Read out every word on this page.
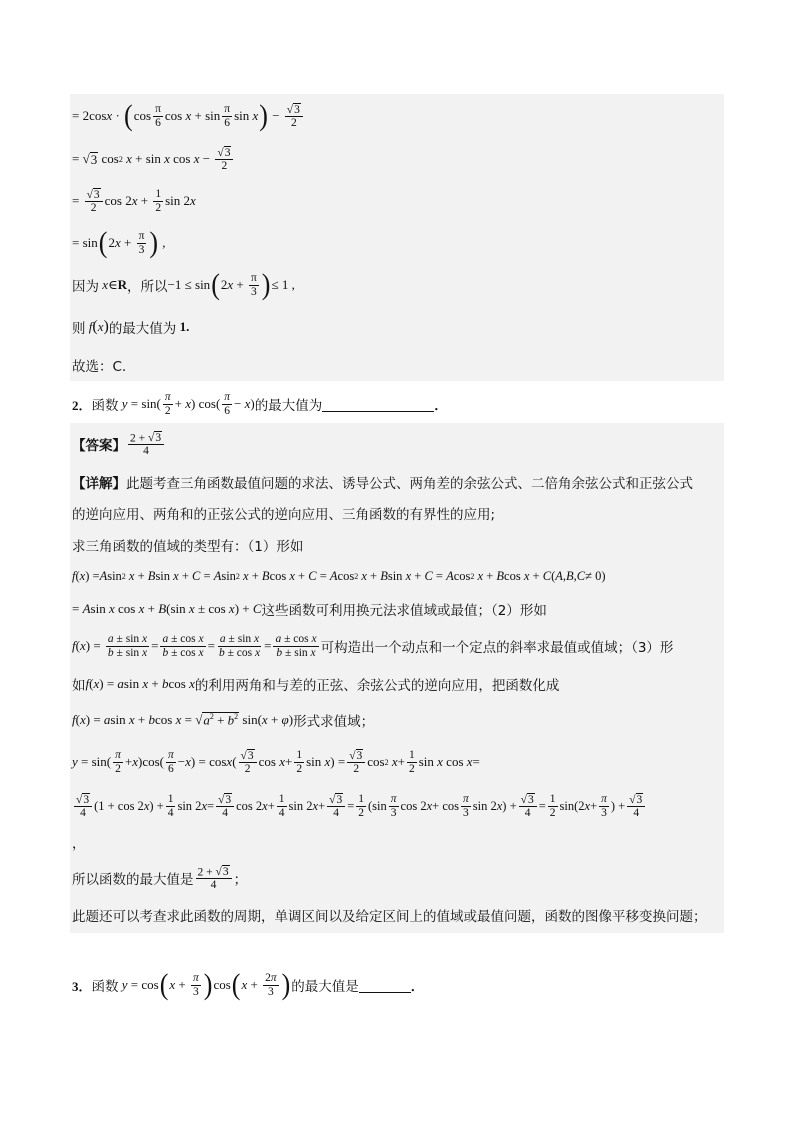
= 2cos x · ( $\cos \frac{\pi}{6}$ $\cos x + \sin \frac{\pi}{6}$ sin x ) − $\frac{√ 3}{2}$
= √ 3 cos 2 x + sin x $\cos x - \frac{√ 3}{2}$
= $\frac{√ 3}{2}$ cos 2 $x + \frac{1}{2}$ sin 2 x
= sin ( 2 $x + \frac{\pi}{3}$ ) ,
因为 x∈R ，所以 −1 ≤ sin ( $2x + \frac{\pi}{3}$ ) ≤ 1 ,
则 f(x) 的最大值为 1.
故选：C.
2． 函数 $y = \sin( \frac{\pi}{2} + x)$ $\cos( \frac{\pi}{6} - x)$ 的最大值为	．
【答案】 $\frac{2 + √ 3}{4}$
【详解】 此题考查三角函数最值问题的求法、诱导公式、两角差的余弦公式、二倍角余弦公式和正弦公式
的逆向应用、两角和的正弦公式的逆向应用、三角函数的有界性的应用;
求三角函数的值域的类型有：（1）形如
f ( x ) = A sin 2 x + B sin x + C = A sin 2 x + B cos x + C = A cos 2 x + B sin x + C = A cos 2 x + B cos x + C ( A , B , C ≠ 0)
= Asin x cos x + B(sin x ± cos x) + C 这些函数可利用换元法求值域或最值；（2）形如
$f(x) = \frac{\text{a ± sin x}}{\text{b ± sin x}} = \frac{\text{a ± cos x}}{\text{b ± cos x}} = \frac{\text{a ± sin x}}{\text{b ± cos x}} = \frac{\text{a ± cos x}}{\text{b ± sin x}}$ 可构造出一个动点和一个定点的斜率求最值或值域；（3）形
如 f(x) = asin x + bcos x 的利用两角和与差的正弦、余弦公式的逆向应用，把函数化成
f(x) = asin x + bcos x = √ $a^2 + b^2$ sin(x + φ) 形式求值域；
$y = \sin( \frac{\pi}{2} + x$ )$\cos( \frac{\pi}{6} - x$ ) = cos x ( $\frac{√ 3}{2}$ $\cos x + \frac{1}{2}$ sin x ) = $\frac{√ 3}{2}$ cos 2 $x + \frac{1}{2}$ sin x cos x =
$\frac{√ 3}{4} (1 + \cos 2$ x ) + $\frac{1}{4}$ sin 2 $x = \frac{√ 3}{4}$ cos 2 $x + \frac{1}{4}$ sin 2 $x + \frac{√ 3}{4} = \frac{1}{2} (\sin \frac{\pi}{3}$ cos 2 $x + \cos \frac{\pi}{3}$ sin 2 x ) + $\frac{√ 3}{4} = \frac{1}{2} \sin(2$ $x + \frac{\pi}{3}$ ) + $\frac{√ 3}{4}$
，
所以函数的最大值是 $\frac{2 + √ 3}{4}$ ；
此题还可以考查求此函数的周期，单调区间以及给定区间上的值域或最值问题，函数的图像平移变换问题；
3． 函数 y = cos ( $x + \frac{\pi}{3}$ ) cos ( $x + \frac{2\pi}{3}$ ) 的最大值是	．
